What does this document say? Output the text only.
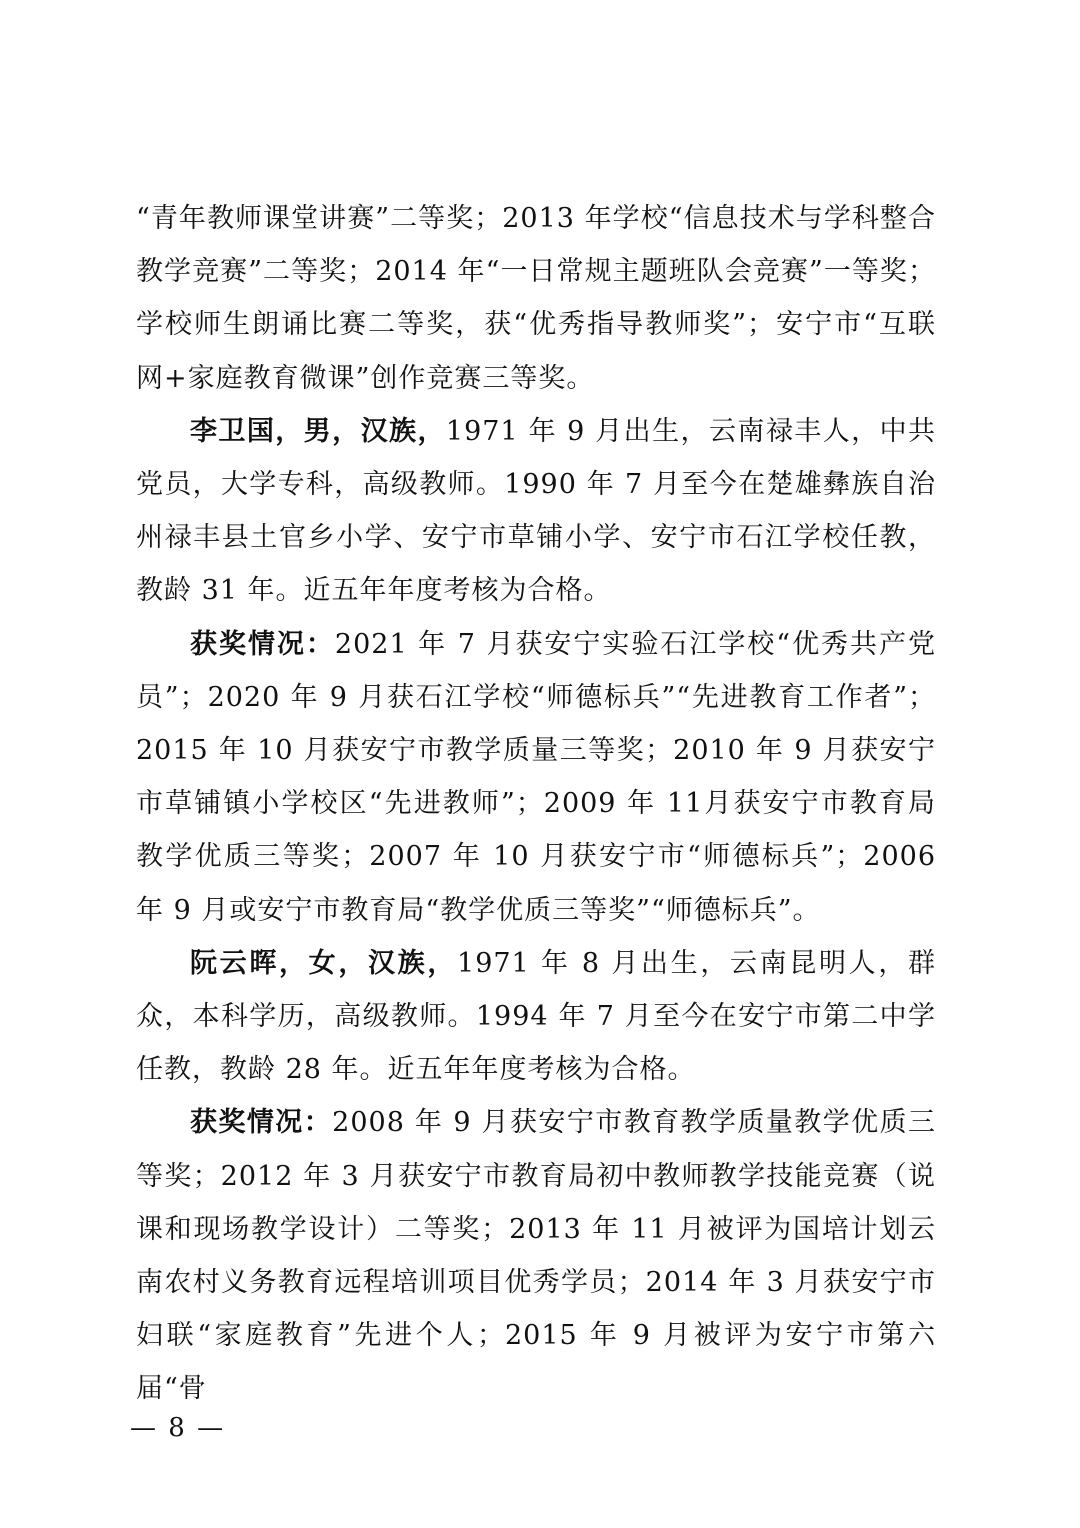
“青年教师课堂讲赛”二等奖；2013 年学校“信息技术与学科整合教学竞赛”二等奖；2014 年“一日常规主题班队会竞赛”一等奖；学校师生朗诵比赛二等奖，获“优秀指导教师奖”；安宁市“互联网+家庭教育微课”创作竞赛三等奖。

李卫国，男，汉族，1971 年 9 月出生，云南禄丰人，中共党员，大学专科，高级教师。1990 年 7 月至今在楚雄彝族自治州禄丰县土官乡小学、安宁市草铺小学、安宁市石江学校任教，教龄 31 年。近五年年度考核为合格。

获奖情况：2021 年 7 月获安宁实验石江学校“优秀共产党员”；2020 年 9 月获石江学校“师德标兵”“先进教育工作者”；2015 年 10 月获安宁市教学质量三等奖；2010 年 9 月获安宁市草铺镇小学校区“先进教师”；2009 年 11月获安宁市教育局教学优质三等奖；2007 年 10 月获安宁市“师德标兵”；2006 年 9 月或安宁市教育局“教学优质三等奖”“师德标兵”。

阮云晖，女，汉族，1971 年 8 月出生，云南昆明人，群众，本科学历，高级教师。1994 年 7 月至今在安宁市第二中学任教，教龄 28 年。近五年年度考核为合格。

获奖情况：2008 年 9 月获安宁市教育教学质量教学优质三等奖；2012 年 3 月获安宁市教育局初中教师教学技能竞赛（说课和现场教学设计）二等奖；2013 年 11 月被评为国培计划云南农村义务教育远程培训项目优秀学员；2014 年 3 月获安宁市妇联“家庭教育”先进个人；2015 年 9 月被评为安宁市第六届“骨

— 8 —
